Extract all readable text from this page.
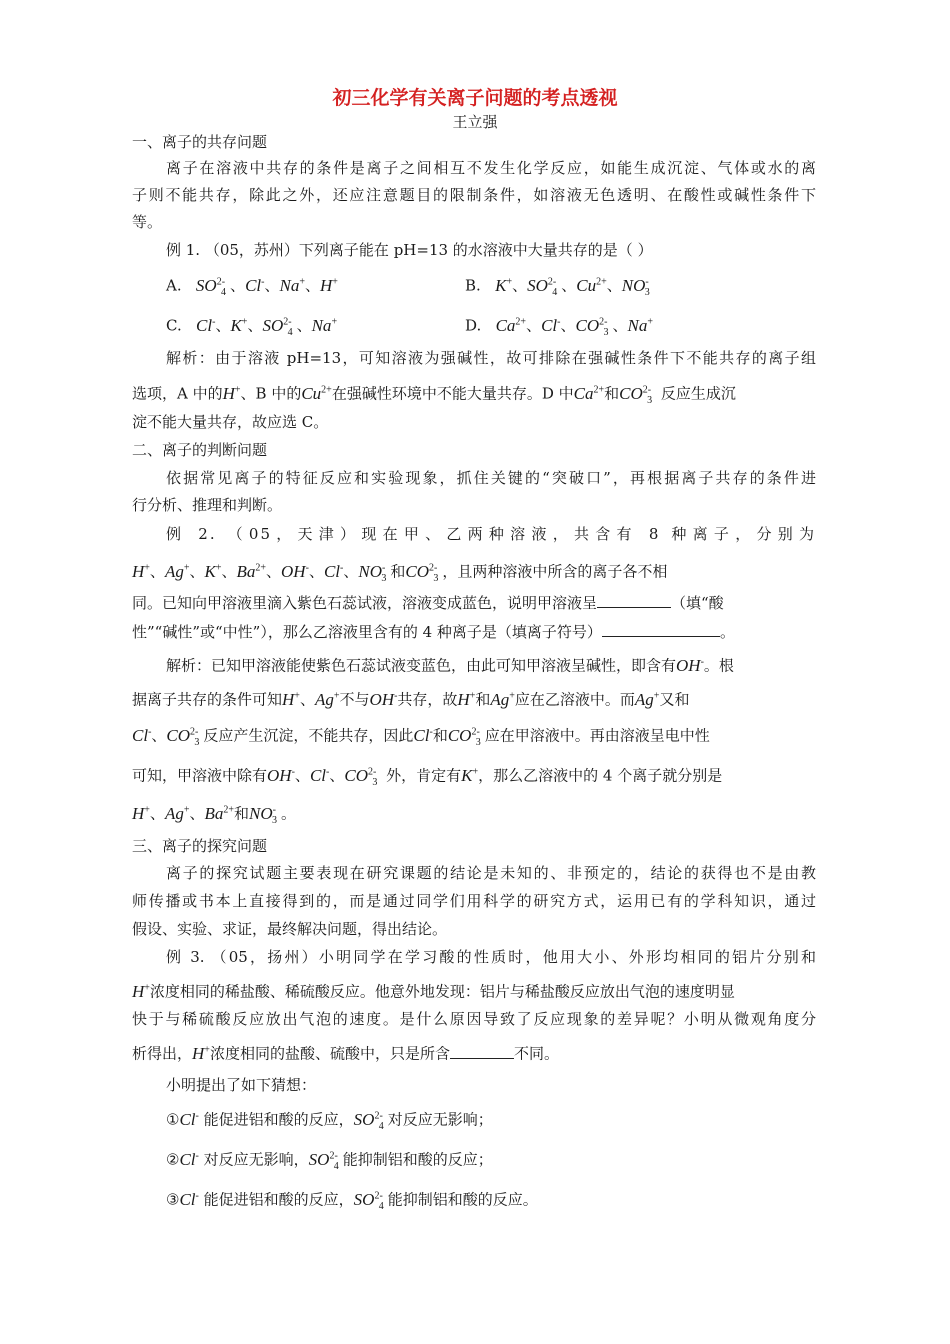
初三化学有关离子问题的考点透视
王立强
一、离子的共存问题
离子在溶液中共存的条件是离子之间相互不发生化学反应，如能生成沉淀、气体或水的离
子则不能共存，除此之外，还应注意题目的限制条件，如溶液无色透明、在酸性或碱性条件下
等。
例 1. （05，苏州）下列离子能在 pH=13 的水溶液中大量共存的是（ ）
A. $SO^{2-}_4$ 、Cl-、Na+、H+	B. K+、$SO^{2-}_4$ 、$Cu^{2+}$、$NO^-_3$
C. Cl-、K+、$SO^{2-}_4$ 、Na+	D. $Ca^{2+}$、Cl-、$CO^{2-}_3$ 、Na+
解析：由于溶液 pH=13，可知溶液为强碱性，故可排除在强碱性条件下不能共存的离子组
选项，A 中的H+、B 中的$Cu^{2+}$在强碱性环境中不能大量共存。D 中$Ca^{2+}$和$CO^{2-}_3$ 反应生成沉
淀不能大量共存，故应选 C。
二、离子的判断问题
依据常见离子的特征反应和实验现象，抓住关键的“突破口”，再根据离子共存的条件进
行分析、推理和判断。
例 2. （05，天津）现在甲、乙两种溶液，共含有 8 种离子，分别为
H+、Ag+、K+、$Ba^{2+}$、OH-、Cl-、$NO^-_3$ 和$CO^{2-}_3$ ，且两种溶液中所含的离子各不相
同。已知向甲溶液里滴入紫色石蕊试液，溶液变成蓝色，说明甲溶液呈	（填“酸
性”“碱性”或“中性”），那么乙溶液里含有的 4 种离子是（填离子符号）	。
解析：已知甲溶液能使紫色石蕊试液变蓝色，由此可知甲溶液呈碱性，即含有OH-。根
据离子共存的条件可知H+、Ag+不与OH-共存，故H+和Ag+应在乙溶液中。而Ag+又和
Cl-、$CO^{2-}_3$ 反应产生沉淀，不能共存，因此Cl-和$CO^{2-}_3$ 应在甲溶液中。再由溶液呈电中性
可知，甲溶液中除有OH-、Cl-、$CO^{2-}_3$ 外，肯定有K+，那么乙溶液中的 4 个离子就分别是
H+、Ag+、$Ba^{2+}$和$NO^-_3$ 。
三、离子的探究问题
离子的探究试题主要表现在研究课题的结论是未知的、非预定的，结论的获得也不是由教
师传播或书本上直接得到的，而是通过同学们用科学的研究方式，运用已有的学科知识，通过
假设、实验、求证，最终解决问题，得出结论。
例 3. （05，扬州）小明同学在学习酸的性质时，他用大小、外形均相同的铝片分别和
H+浓度相同的稀盐酸、稀硫酸反应。他意外地发现：铝片与稀盐酸反应放出气泡的速度明显
快于与稀硫酸反应放出气泡的速度。是什么原因导致了反应现象的差异呢？小明从微观角度分
析得出，H+浓度相同的盐酸、硫酸中，只是所含	不同。
小明提出了如下猜想：
①Cl- 能促进铝和酸的反应，$SO^{2-}_4$ 对反应无影响；
②Cl- 对反应无影响，$SO^{2-}_4$ 能抑制铝和酸的反应；
③Cl- 能促进铝和酸的反应，$SO^{2-}_4$ 能抑制铝和酸的反应。
